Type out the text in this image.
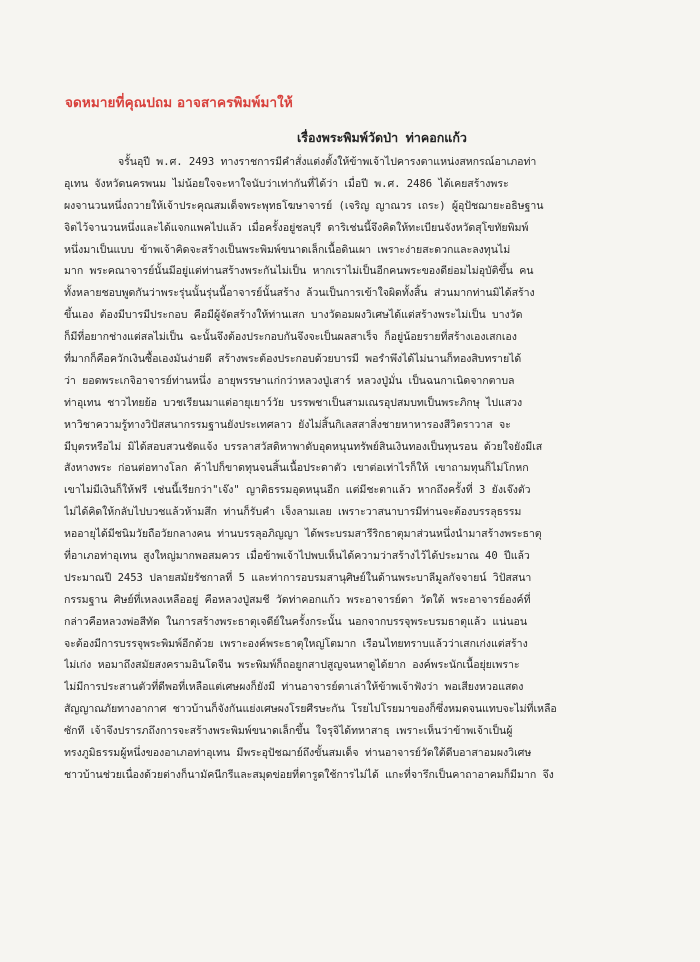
จดหมายที่คุณปถม อาจสาครพิมพ์มาให้
เรื่องพระพิมพ์วัดป่า ท่าคอกแก้ว
จรั้นอุปี พ.ศ. 2493 ทางราชการมีคำสั่งแต่งตั้งให้ข้าพเจ้าไปคารงตาแหน่งสหกรณ์อาเภอท่า
อุเทน จังหวัดนครพนม ไม่น้อยใจจะหาใจนับว่าเท่ากันที่ได้ว่า เมื่อปี พ.ศ. 2486 ได้เคยสร้างพระ
ผงจานวนหนึ่งถวายให้เจ้าประคุณสมเด็จพระพุทธโฆษาจารย์ (เจริญ ญาณวร เถระ) ผู้อุปัชฌายะอธิษฐาน
จิตไว้จานวนหนึ่งและได้แจกแพคไปแล้ว เมื่อครั้งอยู่ชลบุรี ดาริเช่นนี้จึงคิดให้ทะเบียนจังหวัดสุโขทัยพิมพ์
หนึ่งมาเป็นแบบ ข้าพเจ้าคิดจะสร้างเป็นพระพิมพ์ขนาดเล็กเนื้อดินเผา เพราะง่ายสะดวกและลงทุนไม่
มาก พระคณาจารย์นั้นมีอยู่แต่ท่านสร้างพระกันไม่เป็น หากเราไม่เป็นอีกคนพระของดีย่อมไม่อุบัติขึ้น คน
ทั้งหลายชอบพูดกันว่าพระรุ่นนั้นรุ่นนี้อาจารย์นั้นสร้าง ล้วนเป็นการเข้าใจผิดทั้งสิ้น ส่วนมากท่านมิได้สร้าง
ขึ้นเอง ต้องมีบารมีประกอบ คือมีผู้จัดสร้างให้ท่านเสก บางวัดอมผงวิเศษได้แต่สร้างพระไม่เป็น บางวัด
ก็มีที่อยากช่างแต่สลไม่เป็น ฉะนั้นจึงต้องประกอบกันจึงจะเป็นผลสาเร็จ ก็อยู่น้อยรายที่สร้างเองเสกเอง
ที่มากก็คือควักเงินซื้อเองมันง่ายดี สร้างพระต้องประกอบด้วยบารมี พอรำพึงได้ไม่นานก็ทองสิบทรายได้
ว่า ยอดพระเกจิอาจารย์ท่านหนึ่ง อายุพรรษาแก่กว่าหลวงปู่เสาร์ หลวงปู่มั่น เป็นฉนกาเนิดจากตาบล
ท่าอุเทน ชาวไทยย้อ บวชเรียนมาแต่อายุเยาว์วัย บรรพชาเป็นสามเณรอุปสมบทเป็นพระภิกษุ ไปแสวง
หาวิชาความรู้ทางวิปัสสนากรรมฐานยังประเทศลาว ยังไม่สิ้นกิเลสสาสิ่งชายหาหารองสีวิตราวาส จะ
มีบุตรหรือไม่ มิได้สอบสวนชัดแจ้ง บรรลาสวัสดิหาพาดับอุดหนุนทรัพย์สินเงินทองเป็นทุนรอน ด้วยใจยังมีเส
สังหางพระ ก่อนต่อทางโลก ค้าไปก็ขาดทุนจนสิ้นเนื้อประดาตัว เขาต่อเท่าไรก็ให้ เขาถามทุนก็ไม่โกหก
เขาไม่มีเงินก็ให้ฟรี เช่นนี้เรียกว่า"เจ๊ง" ญาติธรรมอุดหนุนอีก แต่มีชะตาแล้ว หากถึงครั้งที่ 3 ยังเจ๊งตัว
ไม่ได้คิดให้กลับไปบวชแล้วห้ามสึก ท่านก็รับคำ เจ็งลามเลย เพราะวาสนาบารมีท่านจะต้องบรรลุธรรม
หออายุได้มีชนิมวัยถือวัยกลางคน ท่านบรรลุอภิญญา ได้พระบรมสารีริกธาตุมาส่วนหนึ่งนำมาสร้างพระธาตุ
ที่อาเภอท่าอุเทน สูงใหญ่มากพอสมควร เมื่อข้าพเจ้าไปพบเห็นได้ความว่าสร้างไว้ได้ประมาณ 40 ปีแล้ว
ประมาณปี 2453 ปลายสมัยรัชกาลที่ 5 และท่าการอบรมสานุศิษย์ในด้านพระบาลีมูลกัจจายน์ วิปัสสนา
กรรมฐาน ศิษย์ที่เหลงเหลืออยู่ คือหลวงปู่สมชี วัดท่าคอกแก้ว พระอาจารย์ดา วัดใต้ พระอาจารย์องค์ที่
กล่าวคือหลวงพ่อสีทัด ในการสร้างพระธาตุเจดีย์ในครั้งกระนั้น นอกจากบรรจุพระบรมธาตุแล้ว แน่นอน
จะต้องมีการบรรจุพระพิมพ์อีกด้วย เพราะองค์พระธาตุใหญ่โตมาก เรือนไทยทราบแล้วว่าเสกเก่งแต่สร้าง
ไม่เก่ง หอมาถึงสมัยสงครามอินโดจีน พระพิมพ์ก็ถอยูกสาปสูญจนหาดูได้ยาก องค์พระนักเนื้อยุ่ยเพราะ
ไม่มีการประสานตัวที่ดีพอที่เหลือแต่เศษผงก็ยังมี ท่านอาจารย์ตาเล่าให้ข้าพเจ้าฟังว่า พอเสียงหวอแสดง
สัญญาณภัยทางอากาศ ชาวบ้านก็จังกันแย่งเศษผงโรยศีรษะกัน โรยไปโรยมาของก็ซึ่งหมดจนแทบจะไม่ที่เหลือ
ซักที เจ้าจึงปรารภถึงการจะสร้างพระพิมพ์ขนาดเล็กขึ้น ใจรุจิได้ทหาสาธุ เพราะเห็นว่าข้าพเจ้าเป็นผู้
ทรงภูมิธรรมผู้หนึ่งของอาเภอท่าอุเทน มีพระอุปัชฌาย์ถึงขั้นสมเด็จ ท่านอาจารย์วัดใต้ดีบอาสาอมผงวิเศษ
ชาวบ้านช่วยเนื่องด้วยต่างก็นามัคนีกรีและสมุดข่อยที่ตารูดใช้การไม่ได้ แกะที่จารึกเป็นคาถาอาคมก็มีมาก จึง
